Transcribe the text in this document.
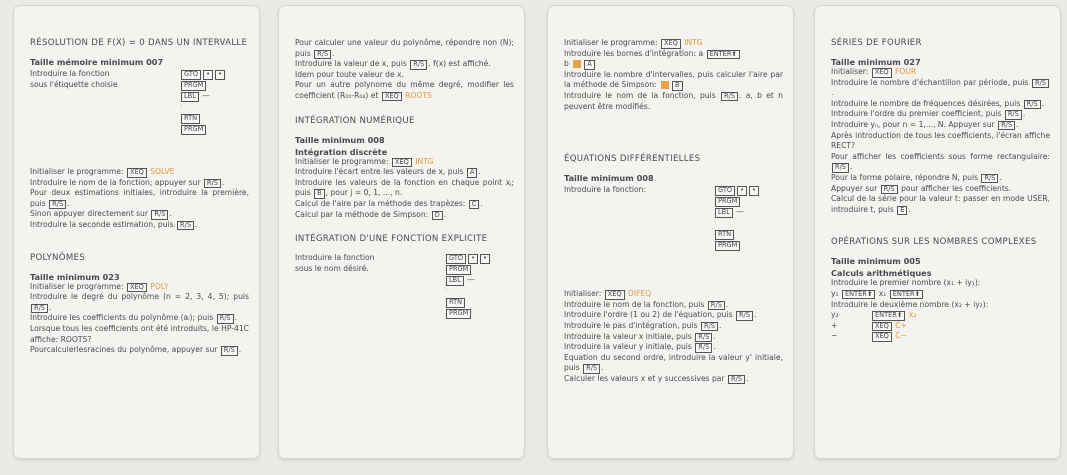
RÉSOLUTION DE F(X) = 0 DANS UN INTERVALLE
Taille mémoire minimum 007
Introduire la fonction
sous l'étiquette choisie
GTO • •
PRGM
LBL —
·

RTN
PRGM

Initialiser le programme: XEQ SOLVE

Introduire le nom de la fonction; appuyer sur R/S .

Pour deux estimations initiales, introduire la première, puis R/S .

Sinon appuyer directement sur R/S .

Introduire la seconde estimation, puis R/S .

POLYNÔMES
Taille minimum 023

Initialiser le programme: XEQ POLY

Introduire le degré du polynôme (n = 2, 3, 4, 5); puis R/S .

Introduire les coefficients du polynôme (aᵢ); puis R/S .

Lorsque tous les coefficients ont été introduits, le HP-41C affiche: ROOTS?

Pourcalculerlesracines du polynôme, appuyer sur R/S .

Pour calculer une valeur du polynôme, répondre non (N); puis R/S .

Introduire la valeur de x, puis R/S . f(x) est affiché.

Idem pour toute valeur de x.

Pour un autre polynome du même degré, modifier les coefficient (R₀₀-R₀₄) et XEQ ROOTS

INTÉGRATION NUMÉRIQUE
Taille minimum 008
Intégration discrète

Initialiser le programme: XEQ INTG

Introduire l'écart entre les valeurs de x, puis A .

Introduire les valeurs de la fonction en chaque point xⱼ; puis B , pour j = 0, 1, ..., n.

Calcul de l'aire par la méthode des trapèzes: C .

Calcul par la méthode de Simpson: D .

INTÉGRATION D'UNE FONCTION EXPLICITE
Introduire la fonction
sous le nom désiré.
GTO • •
PRGM
LBL —
·

RTN
PRGM

Initialiser le programme: XEQ INTG

Introduire les bornes d'intégration: a ENTER⬆
b A

Introduire le nombre d'intervalles, puis calculer l'aire par la méthode de Simpson: B

Introduire le nom de la fonction, puis R/S . a, b et n peuvent être modifiés.

ÉQUATIONS DIFFÉRENTIELLES
Taille minimum 008
Introduire la fonction:	GTO • •
PRGM
LBL —
·

RTN
PRGM

Initialiser: XEQ DIFEQ

Introduire le nom de la fonction, puis R/S .

Introduire l'ordre (1 ou 2) de l'équation, puis R/S .

Introduire le pas d'intégration, puis R/S .

Introduire la valeur x initiale, puis R/S .

Introduire la valeur y initiale, puis R/S .

Equation du second ordre, introduire la valeur y' initiale, puis R/S .

Calculer les valeurs x et y successives par R/S .

SÉRIES DE FOURIER
Taille minimum 027

Initialiser: XEQ FOUR

Introduire le nombre d'échantillon par période, puis R/S.

Introduire le nombre de fréquences désirées, puis R/S .

Introduire l'ordre du premier coefficient, puis R/S .

Introduire yₙ, pour n = 1,..., N. Appuyer sur R/S .

Après introduction de tous les coefficients, l'écran affiche RECT?

Pour afficher les coefficients sous forme rectangulaire: R/S .

Pour la forme polaire, répondre N, puis R/S .

Appuyer sur R/S pour afficher les coefficients.

Calcul de la série pour la valeur t: passer en mode USER, introduire t, puis E .

OPÉRATIONS SUR LES NOMBRES COMPLEXES
Taille minimum 005
Calculs arithmétiques

Introduire le premier nombre (x₁ + iy₁):

y₁ ENTER⬆ x₁ ENTER⬆

Introduire le deuxième nombre (x₂ + iy₂):

y₂	ENTER⬆ x₂

+	XEQ C+

−	XEQ C−
